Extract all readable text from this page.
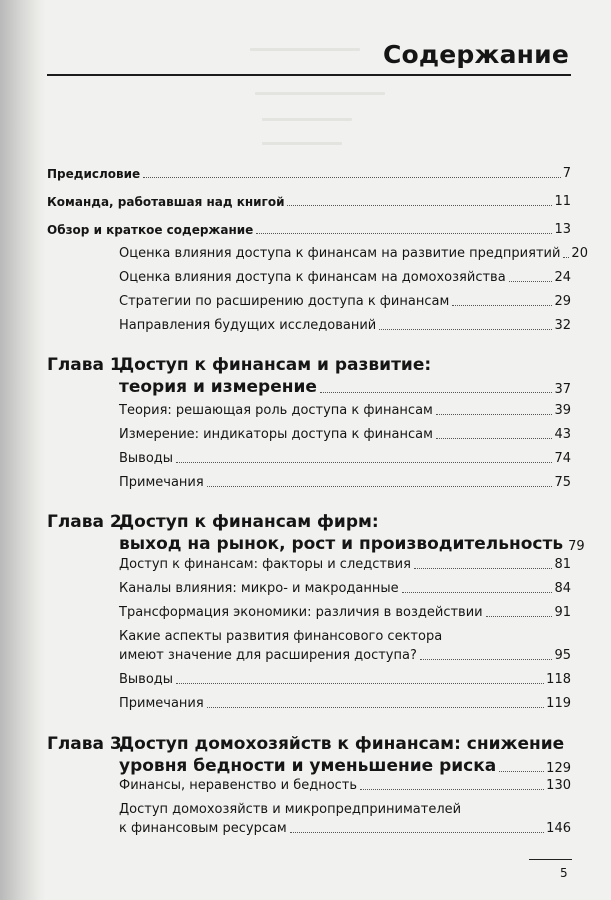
Содержание
Предисловие	7
Команда, работавшая над книгой	11
Обзор и краткое содержание	13
Оценка влияния доступа к финансам на развитие предприятий 20
Оценка влияния доступа к финансам на домохозяйства	24
Стратегии по расширению доступа к финансам	29
Направления будущих исследований	32
Глава 1.Доступ к финансам и развитие:
теория и измерение	37
Теория: решающая роль доступа к финансам	39
Измерение: индикаторы доступа к финансам	43
Выводы	74
Примечания	75
Глава 2.Доступ к финансам фирм:
выход на рынок, рост и производительность 79
Доступ к финансам: факторы и следствия	81
Каналы влияния: микро- и макроданные	84
Трансформация экономики: различия в воздействии	91
Какие аспекты развития финансового сектора
имеют значение для расширения доступа?	95
Выводы	118
Примечания	119
Глава 3.Доступ домохозяйств к финансам: снижение
уровня бедности и уменьшение риска	129
Финансы, неравенство и бедность	130
Доступ домохозяйств и микропредпринимателей
к финансовым ресурсам	146
5
